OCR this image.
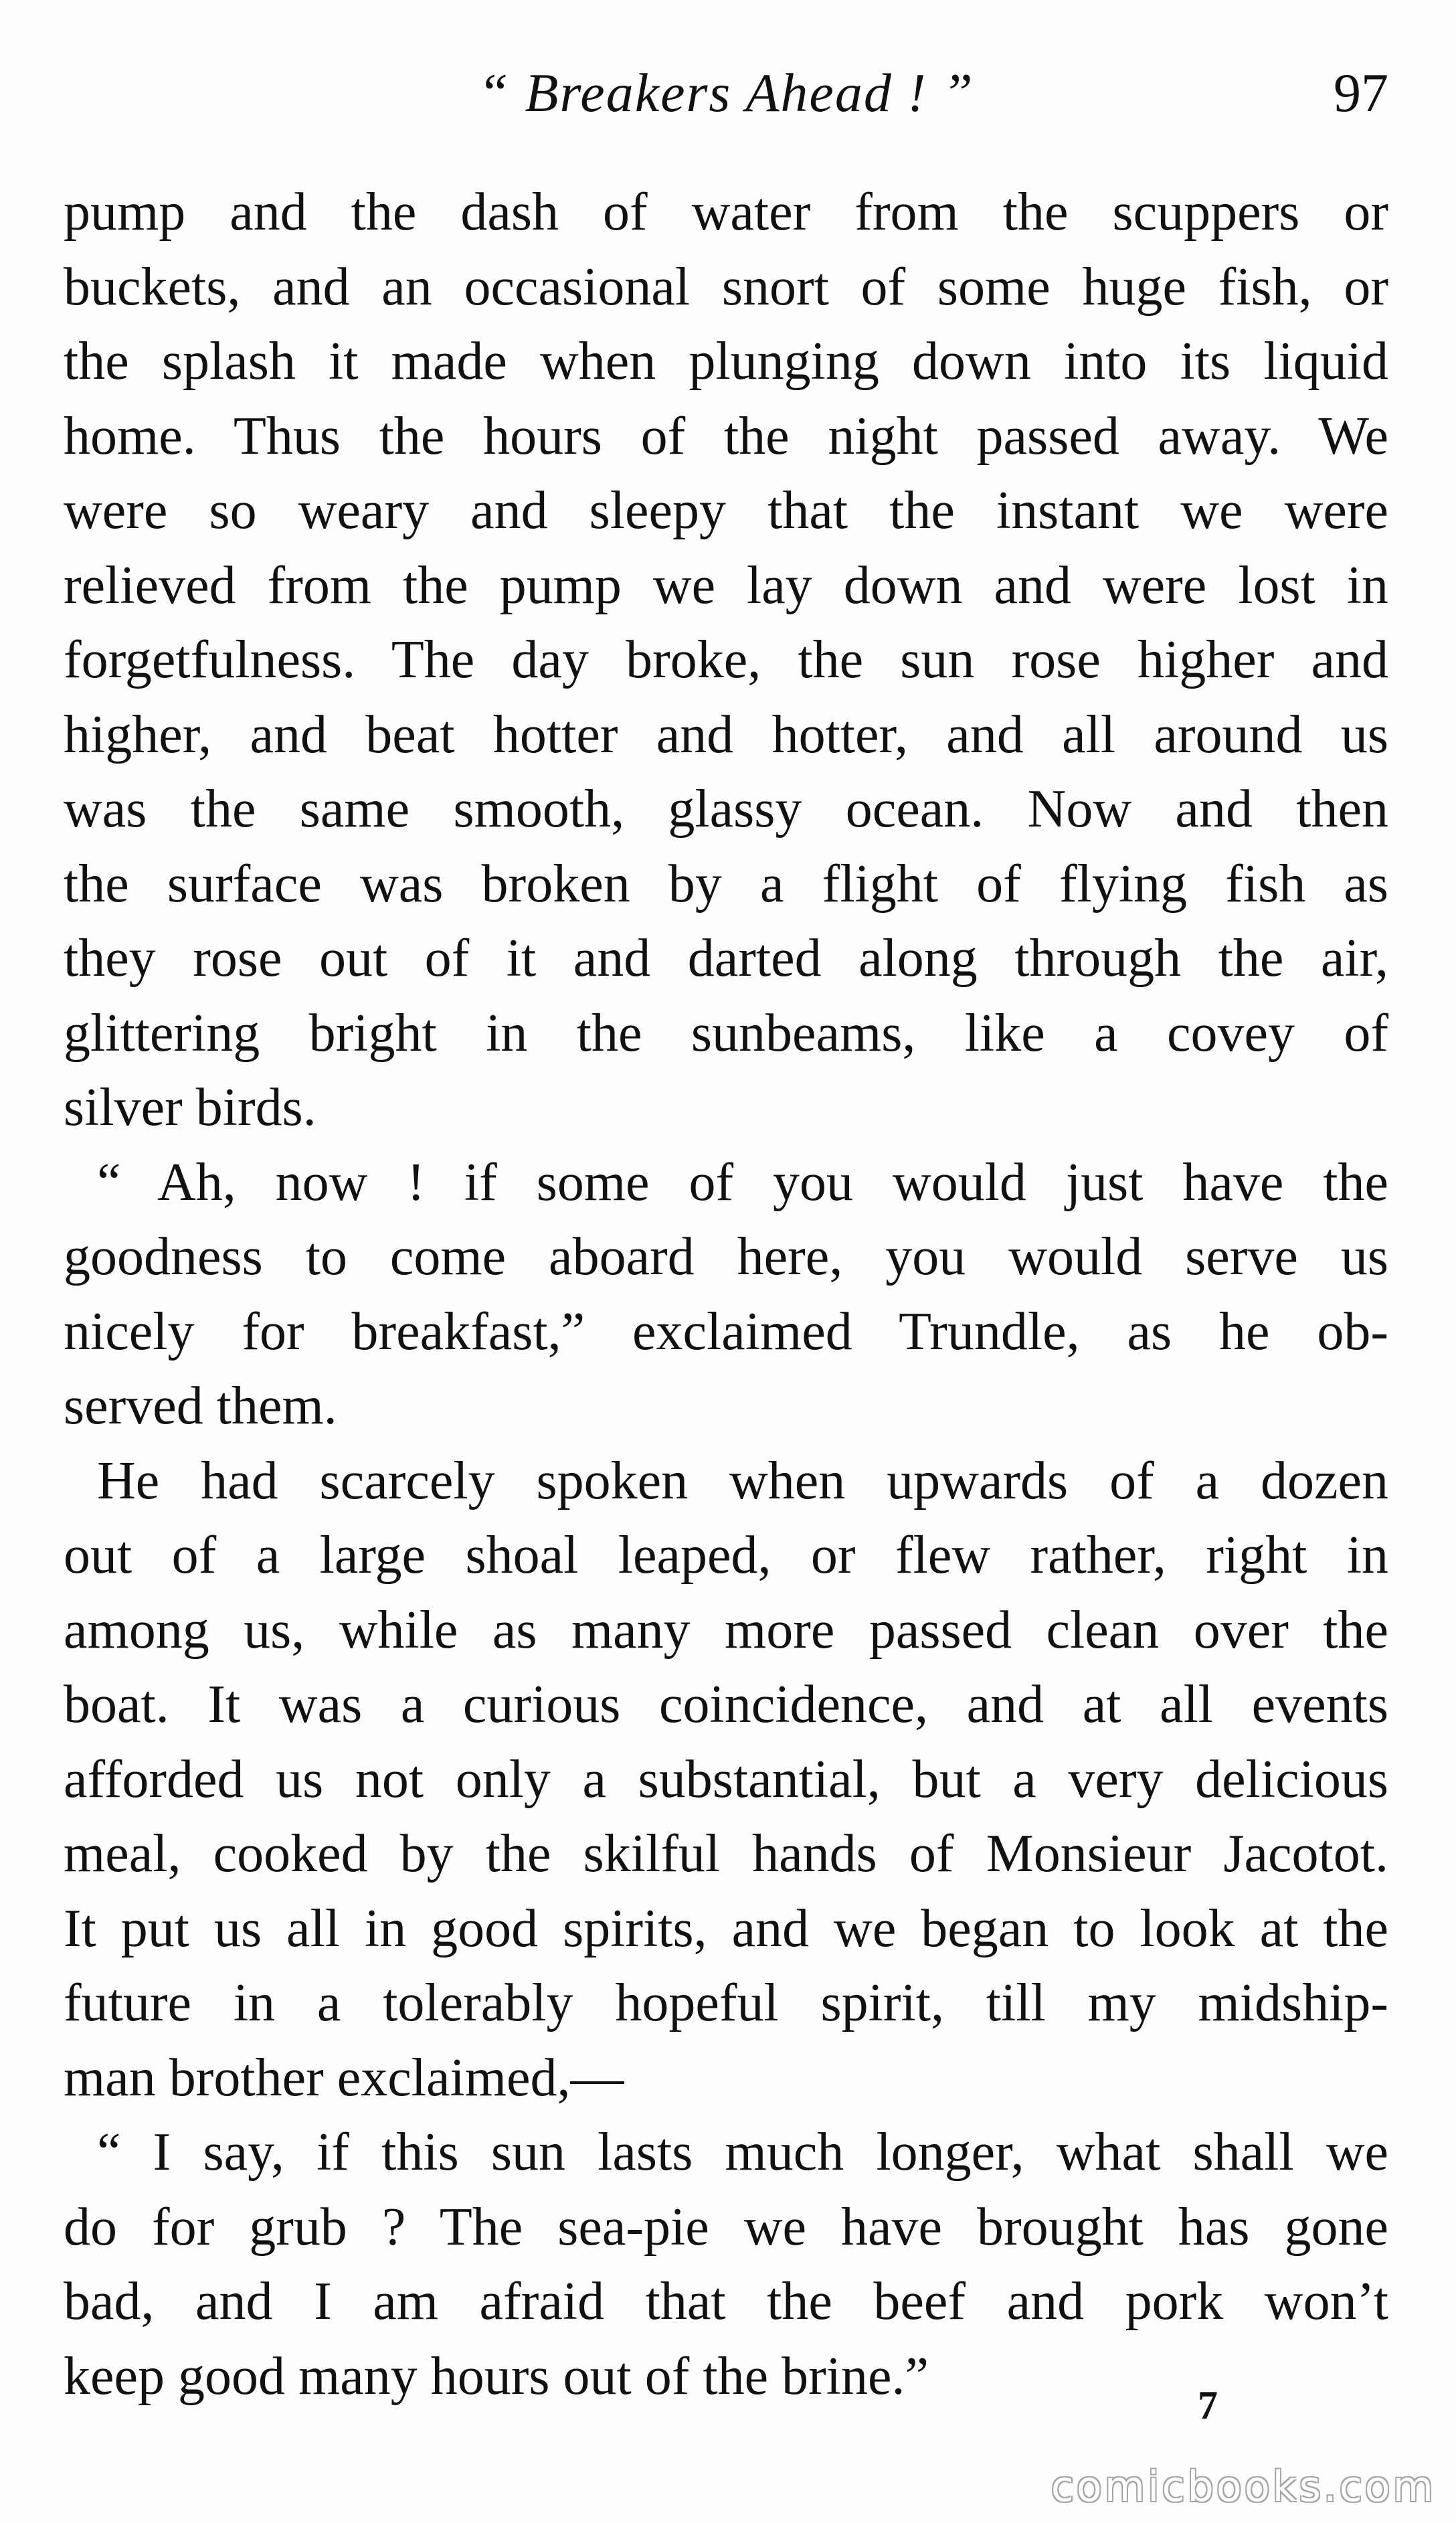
“ Breakers Ahead ! ”	97
pump and the dash of water from the scuppers or
buckets, and an occasional snort of some huge fish, or
the splash it made when plunging down into its liquid
home. Thus the hours of the night passed away. We
were so weary and sleepy that the instant we were
relieved from the pump we lay down and were lost in
forgetfulness. The day broke, the sun rose higher and
higher, and beat hotter and hotter, and all around us
was the same smooth, glassy ocean. Now and then
the surface was broken by a flight of flying fish as
they rose out of it and darted along through the air,
glittering bright in the sunbeams, like a covey of
silver birds.
“ Ah, now ! if some of you would just have the
goodness to come aboard here, you would serve us
nicely for breakfast,” exclaimed Trundle, as he ob-
served them.
He had scarcely spoken when upwards of a dozen
out of a large shoal leaped, or flew rather, right in
among us, while as many more passed clean over the
boat. It was a curious coincidence, and at all events
afforded us not only a substantial, but a very delicious
meal, cooked by the skilful hands of Monsieur Jacotot.
It put us all in good spirits, and we began to look at the
future in a tolerably hopeful spirit, till my midship-
man brother exclaimed,—
“ I say, if this sun lasts much longer, what shall we
do for grub ? The sea-pie we have brought has gone
bad, and I am afraid that the beef and pork won’t
keep good many hours out of the brine.”	7
comicbooks.com
